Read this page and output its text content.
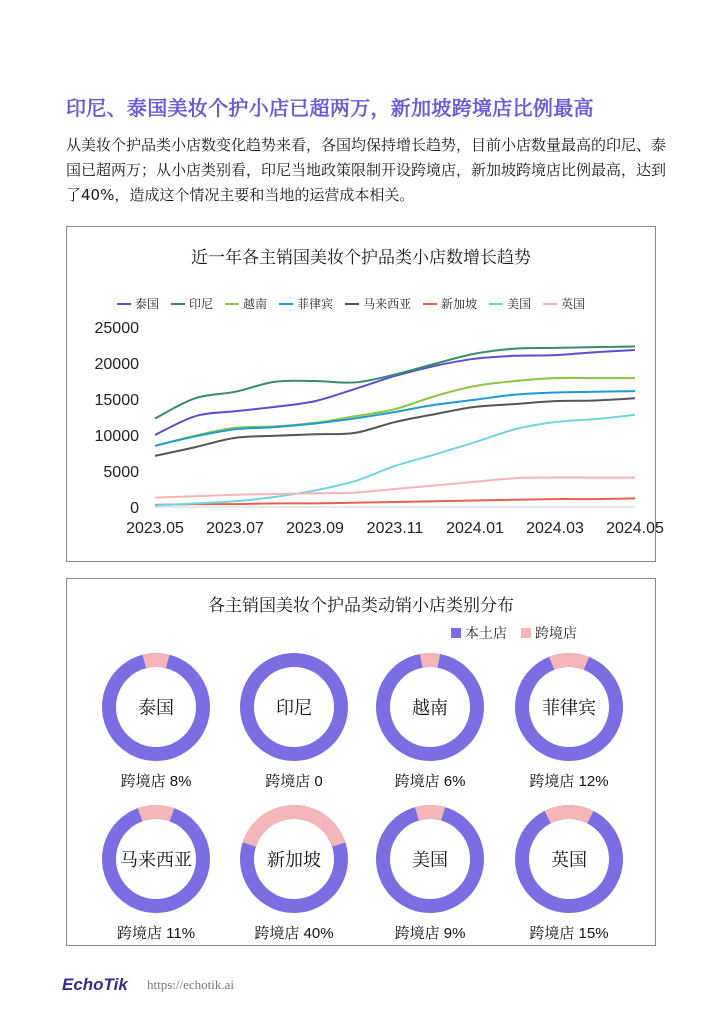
印尼、泰国美妆个护小店已超两万，新加坡跨境店比例最高
从美妆个护品类小店数变化趋势来看，各国均保持增长趋势，目前小店数量最高的印尼、泰国已超两万；从小店类别看，印尼当地政策限制开设跨境店，新加坡跨境店比例最高，达到了40%，造成这个情况主要和当地的运营成本相关。
近一年各主销国美妆个护品类小店数增长趋势
泰国	印尼	越南	菲律宾	马来西亚	新加坡	美国	英国
0
5000
10000
15000
20000
25000
2023.05 2023.07 2023.09 2023.11 2024.01 2024.03 2024.05
各主销国美妆个护品类动销小店类别分布
本土店 跨境店
泰国
跨境店 8%
印尼
跨境店 0
越南
跨境店 6%
菲律宾
跨境店 12%
马来西亚
跨境店 11%
新加坡
跨境店 40%
美国
跨境店 9%
英国
跨境店 15%
EchoTik https://echotik.ai
